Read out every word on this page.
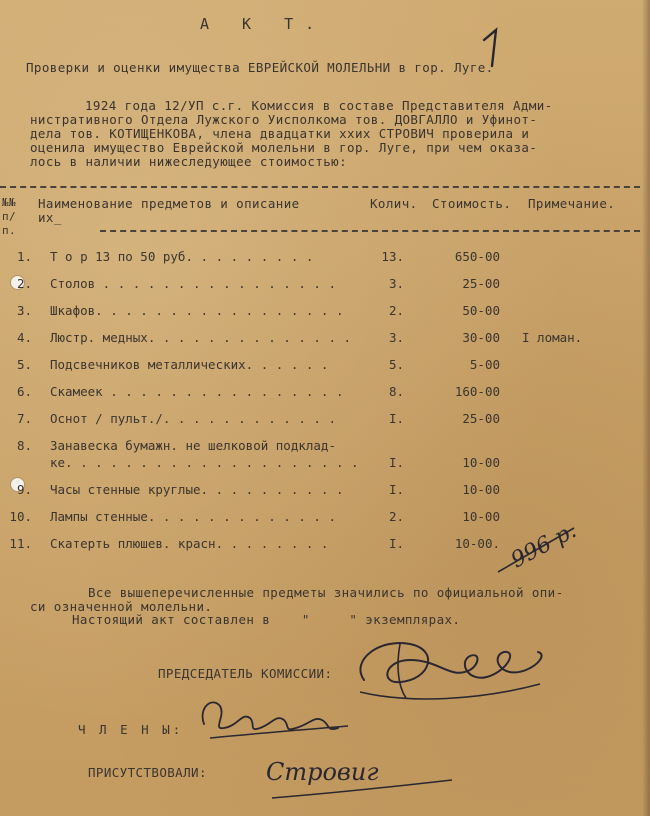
А К Т.	1
Проверки и оценки имущества ЕВРЕЙСКОЙ МОЛЕЛЬНИ в гор. Луге.
1924 года 12/УП с.г. Комиссия в составе Представителя Адми-
нистративного Отдела Лужского Уисполкома тов. ДОВГАЛЛО и Уфинот-
дела тов. КОТИЩЕНКОВА, члена двадцатки ххих СТРОВИЧ проверила и
оценила имущество Еврейской молельни в гор. Луге, при чем оказа-
лось в наличии нижеследующее стоимостью:
№№ п/п.
Наименование предметов и описание
их_
Колич. Стоимость. Примечание.
1. Т о р 13 по 50 руб. . . . . . . . .	13.	650-00
2. Столов . . . . . . . . . . . . . . . .	3.	25-00
3. Шкафов. . . . . . . . . . . . . . . . .	2.	50-00
4. Люстр. медных. . . . . . . . . . . . . .	3.	30-00 I ломан.
5. Подсвечников металлических. . . . . .	5.	5-00
6. Скамеек . . . . . . . . . . . . . . . .	8.	160-00
7. Оснот / пульт./. . . . . . . . . . . .	I.	25-00
8. Занавеска бумажн. не шелковой подклад-
ке. . . . . . . . . . . . . . . . . . . .	I.	10-00
9. Часы стенные круглые. . . . . . . . . .	I.	10-00
10. Лампы стенные. . . . . . . . . . . . .	2.	10-00
11. Скатерть плюшев. красн. . . . . . . .	I.	10-00. 996 р.
Все вышеперечисленные предметы значились по официальной опи-
си означенной молельни.
Настоящий акт составлен в    "     " экземплярах.
ПРЕДСЕДАТЕЛЬ КОМИССИИ:
Ч Л Е Н Ы:
ПРИСУТСТВОВАЛИ: Стровиг
